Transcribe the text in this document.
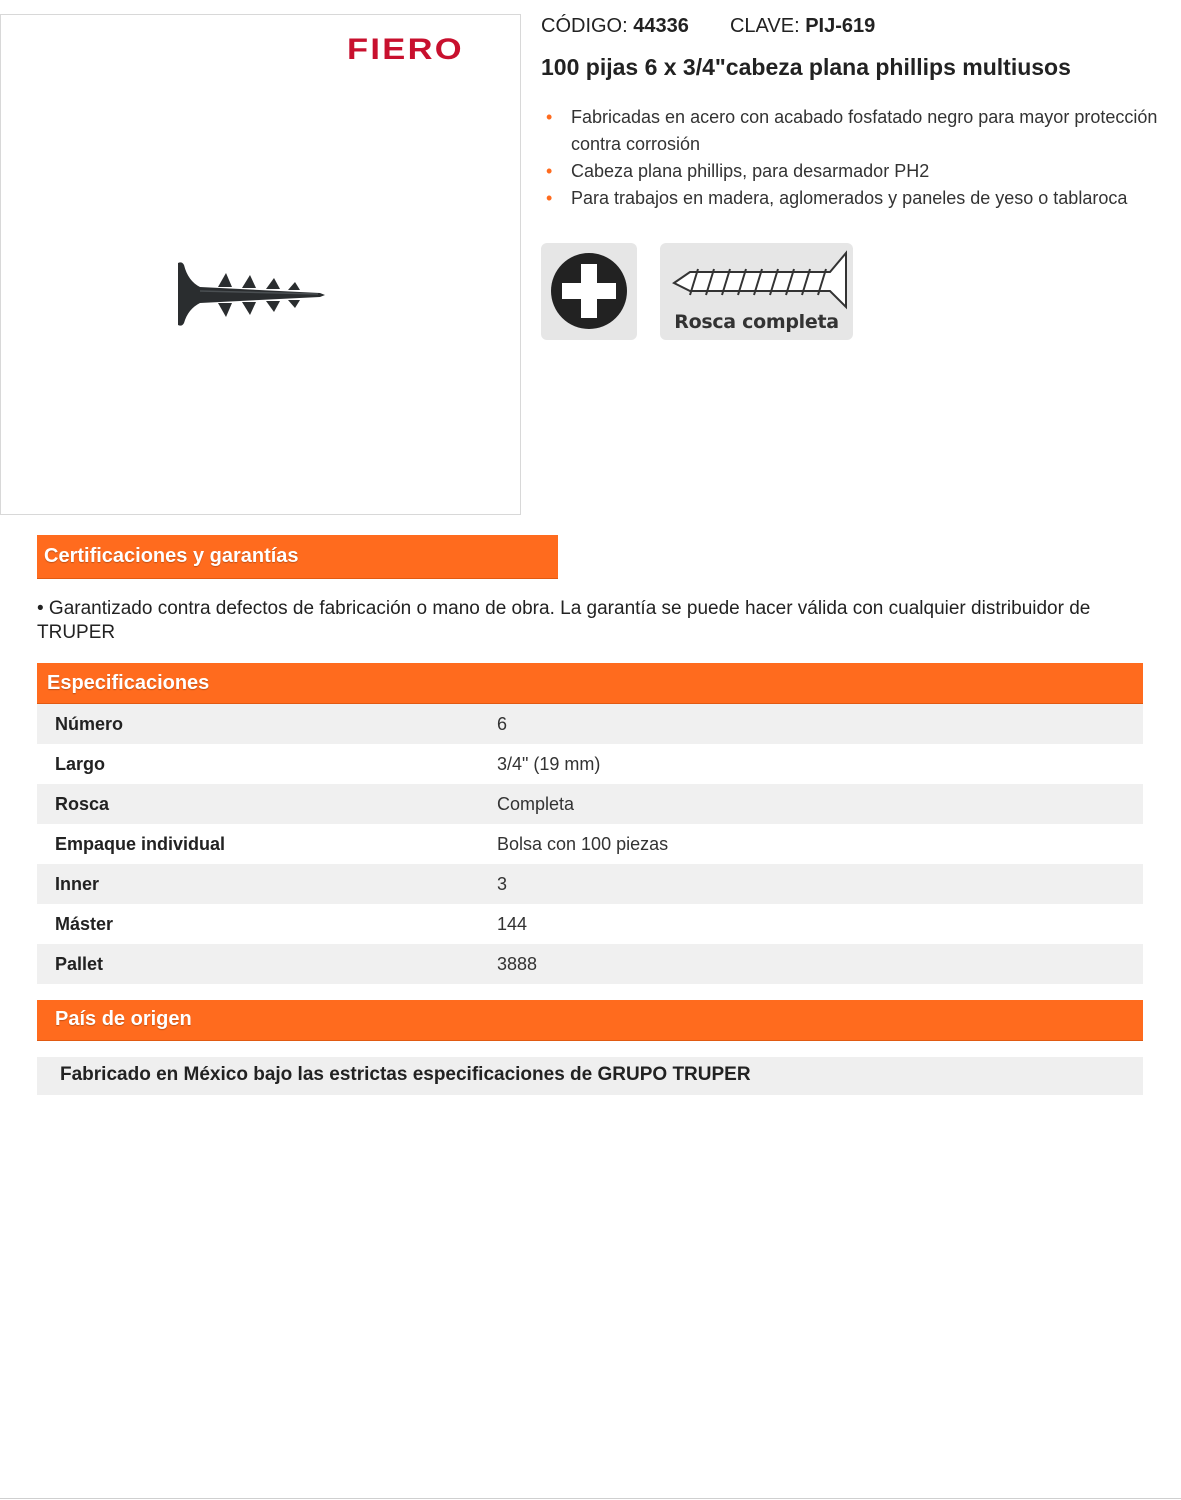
FIERO
CÓDIGO: 44336 CLAVE: PIJ-619
100 pijas 6 x 3/4"cabeza plana phillips multiusos
• Fabricadas en acero con acabado fosfatado negro para mayor protección contra corrosión
• Cabeza plana phillips, para desarmador PH2
• Para trabajos en madera, aglomerados y paneles de yeso o tablaroca
Rosca completa
Certificaciones y garantías
• Garantizado contra defectos de fabricación o mano de obra. La garantía se puede hacer válida con cualquier distribuidor de TRUPER
Especificaciones
Número	6
Largo	3/4" (19 mm)
Rosca	Completa
Empaque individual	Bolsa con 100 piezas
Inner	3
Máster	144
Pallet	3888
País de origen
Fabricado en México bajo las estrictas especificaciones de GRUPO TRUPER
